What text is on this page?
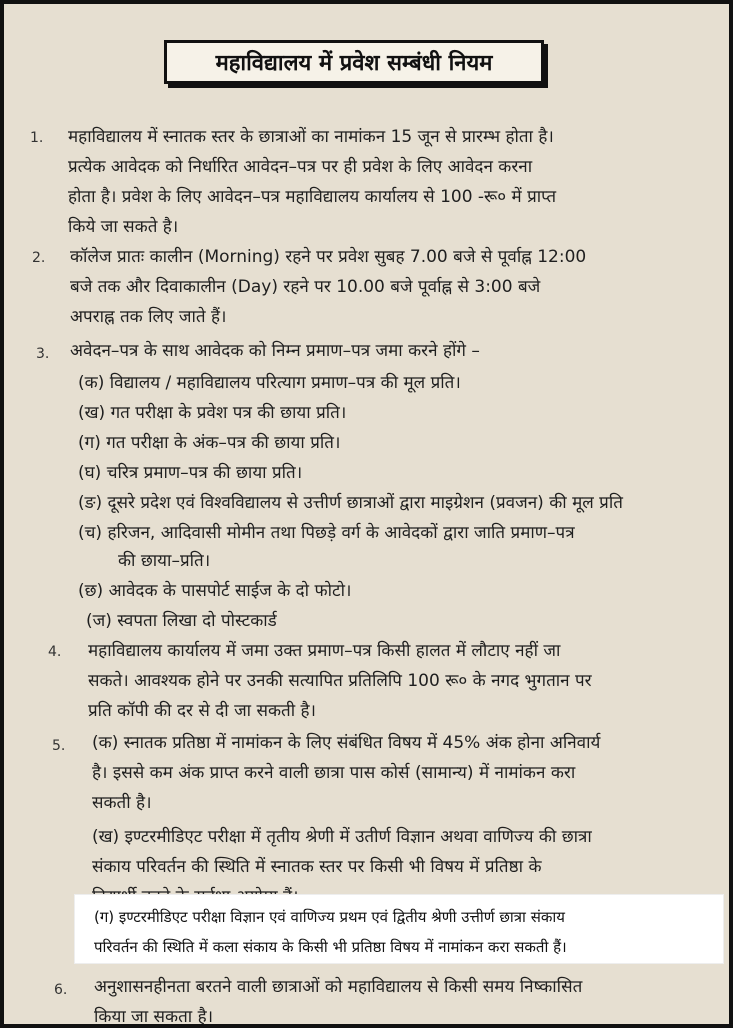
महाविद्यालय में प्रवेश सम्बंधी नियम
1. महाविद्यालय में स्नातक स्तर के छात्राओं का नामांकन 15 जून से प्रारम्भ होता है।
प्रत्येक आवेदक को निर्धारित आवेदन–पत्र पर ही प्रवेश के लिए आवेदन करना
होता है। प्रवेश के लिए आवेदन–पत्र महाविद्यालय कार्यालय से 100 -रू० में प्राप्त
किये जा सकते है।
2. कॉलेज प्रातः कालीन (Morning) रहने पर प्रवेश सुबह 7.00 बजे से पूर्वाह्न 12:00
बजे तक और दिवाकालीन (Day) रहने पर 10.00 बजे पूर्वाह्न से 3:00 बजे
अपराह्न तक लिए जाते हैं।
3. अवेदन–पत्र के साथ आवेदक को निम्न प्रमाण–पत्र जमा करने होंगे –
(क) विद्यालय / महाविद्यालय परित्याग प्रमाण–पत्र की मूल प्रति।
(ख) गत परीक्षा के प्रवेश पत्र की छाया प्रति।
(ग) गत परीक्षा के अंक–पत्र की छाया प्रति।
(घ) चरित्र प्रमाण–पत्र की छाया प्रति।
(ङ) दूसरे प्रदेश एवं विश्वविद्यालय से उत्तीर्ण छात्राओं द्वारा माइग्रेशन (प्रवजन) की मूल प्रति
(च) हरिजन, आदिवासी मोमीन तथा पिछड़े वर्ग के आवेदकों द्वारा जाति प्रमाण–पत्र
की छाया–प्रति।
(छ) आवेदक के पासपोर्ट साईज के दो फोटो।
(ज) स्वपता लिखा दो पोस्टकार्ड
4. महाविद्यालय कार्यालय में जमा उक्त प्रमाण–पत्र किसी हालत में लौटाए नहीं जा
सकते। आवश्यक होने पर उनकी सत्यापित प्रतिलिपि 100 रू० के नगद भुगतान पर
प्रति कॉपी की दर से दी जा सकती है।
5. (क) स्नातक प्रतिष्ठा में नामांकन के लिए संबंधित विषय में 45% अंक होना अनिवार्य
है। इससे कम अंक प्राप्त करने वाली छात्रा पास कोर्स (सामान्य) में नामांकन करा
सकती है।
(ख) इण्टरमीडिएट परीक्षा में तृतीय श्रेणी में उतीर्ण विज्ञान अथवा वाणिज्य की छात्रा
संकाय परिवर्तन की स्थिति में स्नातक स्तर पर किसी भी विषय में प्रतिष्ठा के
(ग) इण्टरमीडिएट परीक्षा विज्ञान एवं वाणिज्य प्रथम एवं द्वितीय श्रेणी उत्तीर्ण छात्रा संकाय
परिवर्तन की स्थिति में कला संकाय के किसी भी प्रतिष्ठा विषय में नामांकन करा सकती हैं।
6. अनुशासनहीनता बरतने वाली छात्राओं को महाविद्यालय से किसी समय निष्कासित
किया जा सकता है।
